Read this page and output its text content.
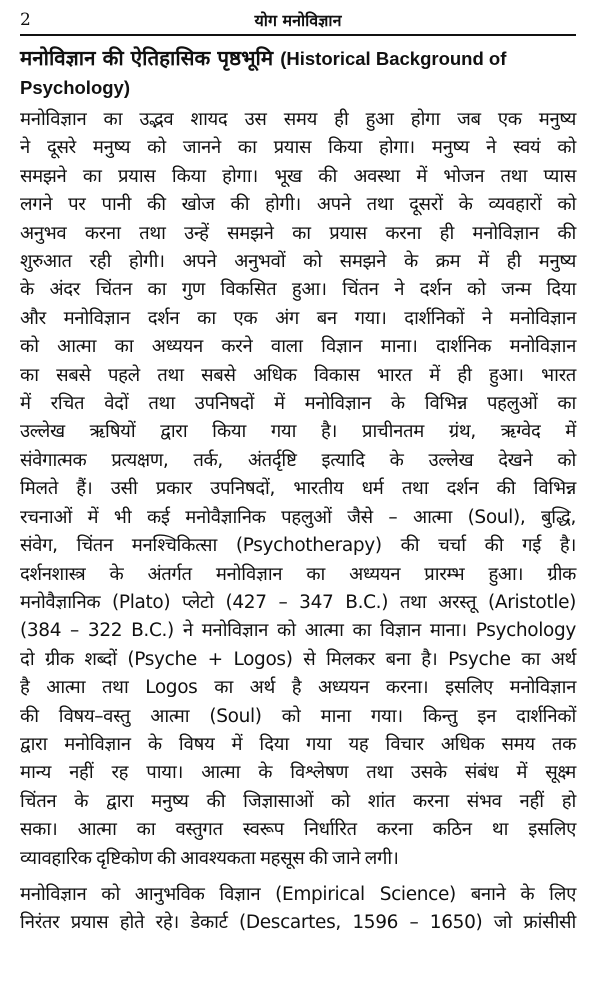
2	योग मनोविज्ञान
मनोविज्ञान की ऐतिहासिक पृष्ठभूमि (Historical Background of
Psychology)
मनोविज्ञान का उद्भव शायद उस समय ही हुआ होगा जब एक मनुष्य
ने दूसरे मनुष्य को जानने का प्रयास किया होगा। मनुष्य ने स्वयं को
समझने का प्रयास किया होगा। भूख की अवस्था में भोजन तथा प्यास
लगने पर पानी की खोज की होगी। अपने तथा दूसरों के व्यवहारों को
अनुभव करना तथा उन्हें समझने का प्रयास करना ही मनोविज्ञान की
शुरुआत रही होगी। अपने अनुभवों को समझने के क्रम में ही मनुष्य
के अंदर चिंतन का गुण विकसित हुआ। चिंतन ने दर्शन को जन्म दिया
और मनोविज्ञान दर्शन का एक अंग बन गया। दार्शनिकों ने मनोविज्ञान
को आत्मा का अध्ययन करने वाला विज्ञान माना। दार्शनिक मनोविज्ञान
का सबसे पहले तथा सबसे अधिक विकास भारत में ही हुआ। भारत
में रचित वेदों तथा उपनिषदों में मनोविज्ञान के विभिन्न पहलुओं का
उल्लेख ऋषियों द्वारा किया गया है। प्राचीनतम ग्रंथ, ऋग्वेद में
संवेगात्मक प्रत्यक्षण, तर्क, अंतर्दृष्टि इत्यादि के उल्लेख देखने को
मिलते हैं। उसी प्रकार उपनिषदों, भारतीय धर्म तथा दर्शन की विभिन्न
रचनाओं में भी कई मनोवैज्ञानिक पहलुओं जैसे – आत्मा (Soul), बुद्धि,
संवेग, चिंतन मनश्चिकित्सा (Psychotherapy) की चर्चा की गई है।
दर्शनशास्त्र के अंतर्गत मनोविज्ञान का अध्ययन प्रारम्भ हुआ। ग्रीक
मनोवैज्ञानिक (Plato) प्लेटो (427 – 347 B.C.) तथा अरस्तू (Aristotle)
(384 – 322 B.C.) ने मनोविज्ञान को आत्मा का विज्ञान माना। Psychology
दो ग्रीक शब्दों (Psyche + Logos) से मिलकर बना है। Psyche का अर्थ
है आत्मा तथा Logos का अर्थ है अध्ययन करना। इसलिए मनोविज्ञान
की विषय–वस्तु आत्मा (Soul) को माना गया। किन्तु इन दार्शनिकों
द्वारा मनोविज्ञान के विषय में दिया गया यह विचार अधिक समय तक
मान्य नहीं रह पाया। आत्मा के विश्लेषण तथा उसके संबंध में सूक्ष्म
चिंतन के द्वारा मनुष्य की जिज्ञासाओं को शांत करना संभव नहीं हो
सका। आत्मा का वस्तुगत स्वरूप निर्धारित करना कठिन था इसलिए
व्यावहारिक दृष्टिकोण की आवश्यकता महसूस की जाने लगी।
मनोविज्ञान को आनुभविक विज्ञान (Empirical Science) बनाने के लिए
निरंतर प्रयास होते रहे। डेकार्ट (Descartes, 1596 – 1650) जो फ्रांसीसी
